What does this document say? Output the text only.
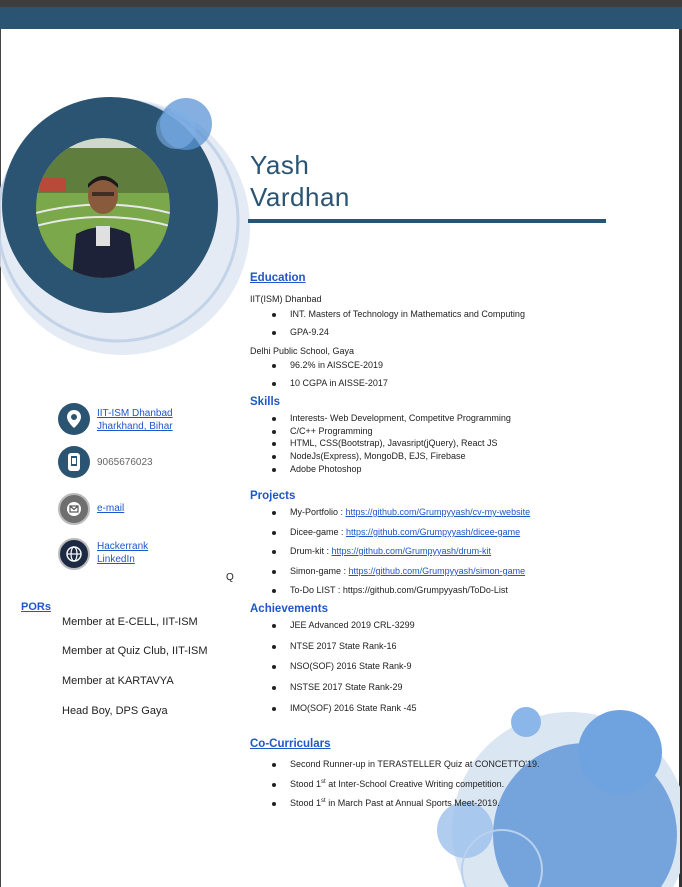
Yash
Vardhan
IIT-ISM Dhanbad
Jharkhand, Bihar
9065676023
e-mail
Hackerrank
LinkedIn
Q
PORs
Member at E-CELL, IIT-ISM
Member at Quiz Club, IIT-ISM
Member at KARTAVYA
Head Boy, DPS Gaya
Education
IIT(ISM) Dhanbad
INT. Masters of Technology in Mathematics and Computing
GPA-9.24
Delhi Public School, Gaya
96.2% in AISSCE-2019
10 CGPA in AISSE-2017
Skills
Interests- Web Development, Competitve Programming
C/C++ Programming
HTML, CSS(Bootstrap), Javasript(jQuery), React JS
NodeJs(Express), MongoDB, EJS, Firebase
Adobe Photoshop
Projects
My-Portfolio : https://github.com/Grumpyyash/cv-my-website
Dicee-game : https://github.com/Grumpyyash/dicee-game
Drum-kit : https://github.com/Grumpyyash/drum-kit
Simon-game : https://github.com/Grumpyyash/simon-game
To-Do LIST : https://github.com/Grumpyyash/ToDo-List
Achievements
JEE Advanced 2019 CRL-3299
NTSE 2017 State Rank-16
NSO(SOF) 2016 State Rank-9
NSTSE 2017 State Rank-29
IMO(SOF) 2016 State Rank -45
Co-Curriculars
Second Runner-up in TERASTELLER Quiz at CONCETTO'19.
Stood 1st at Inter-School Creative Writing competition.
Stood 1st in March Past at Annual Sports Meet-2019.
